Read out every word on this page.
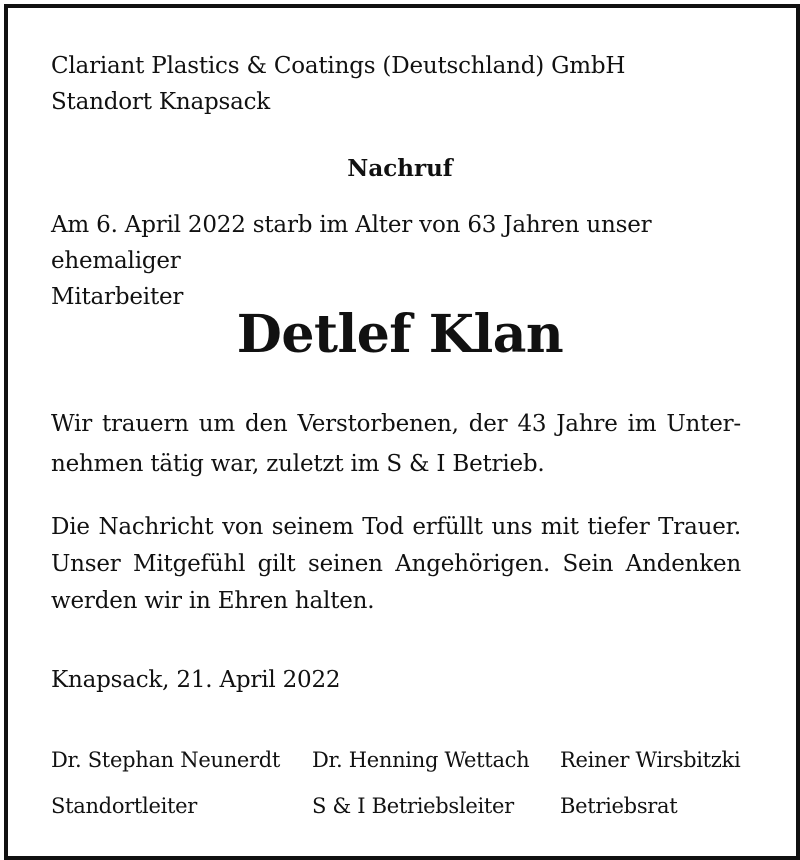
Clariant Plastics & Coatings (Deutschland) GmbH
Standort Knapsack
Nachruf
Am 6. April 2022 starb im Alter von 63 Jahren unser ehemaliger
Mitarbeiter
Detlef Klan
Wir trauern um den Verstorbenen, der 43 Jahre im Unter-
nehmen tätig war, zuletzt im S & I Betrieb.
Die Nachricht von seinem Tod erfüllt uns mit tiefer Trauer.
Unser Mitgefühl gilt seinen Angehörigen. Sein Andenken
werden wir in Ehren halten.
Knapsack, 21. April 2022
Dr. Stephan Neunerdt
Standortleiter
Dr. Henning Wettach
S & I Betriebsleiter
Reiner Wirsbitzki
Betriebsrat
